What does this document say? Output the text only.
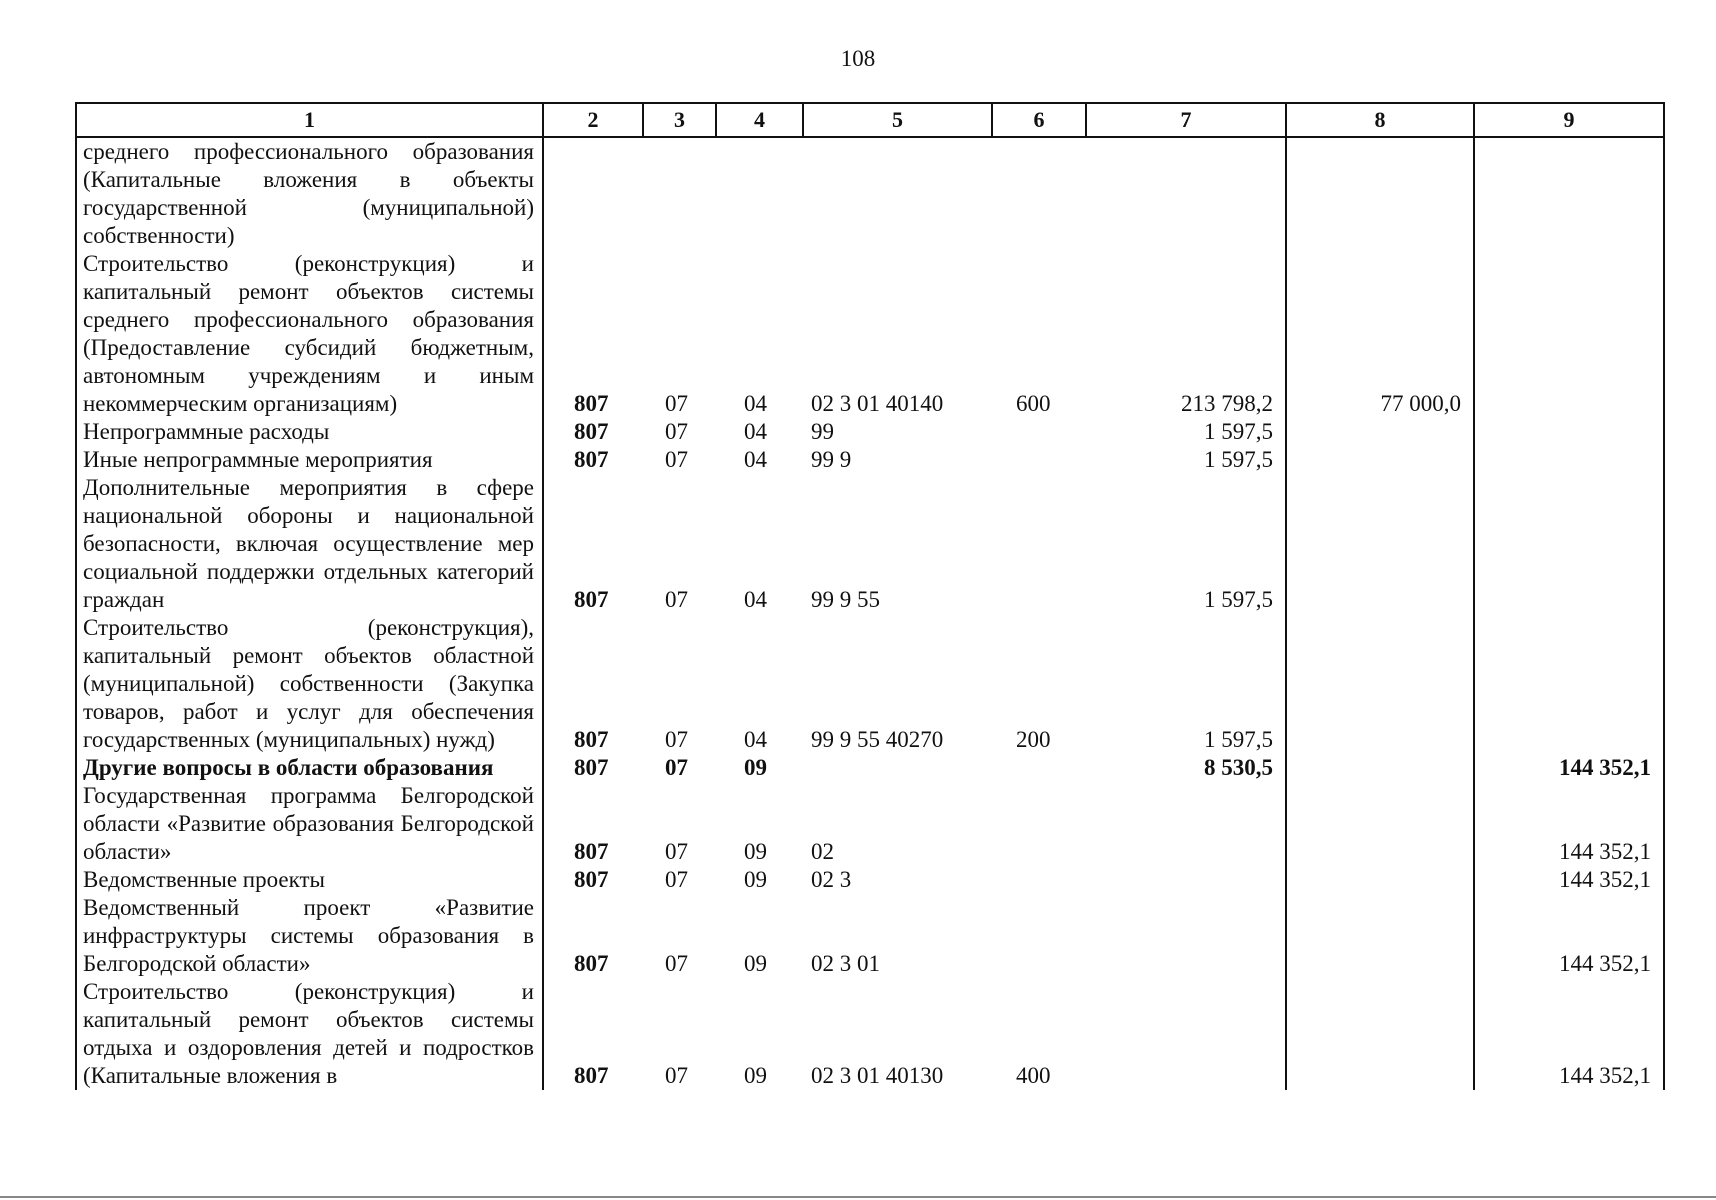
108
1	2	3	4	5	6	7	8	9
среднего профессионального образования (Капитальные вложения в объекты государственной (муниципальной) собственности)								
Строительство (реконструкция) и капитальный ремонт объектов системы среднего профессионального образования (Предоставление субсидий бюджетным, автономным учреждениям и иным некоммерческим организациям)	807	07	04	02 3 01 40140	600	213 798,2	77 000,0	
Непрограммные расходы	807	07	04	99		1 597,5		
Иные непрограммные мероприятия	807	07	04	99 9		1 597,5		
Дополнительные мероприятия в сфере национальной обороны и национальной безопасности, включая осуществление мер социальной поддержки отдельных категорий граждан	807	07	04	99 9 55		1 597,5		
Строительство (реконструкция), капитальный ремонт объектов областной (муниципальной) собственности (Закупка товаров, работ и услуг для обеспечения государственных (муниципальных) нужд)	807	07	04	99 9 55 40270	200	1 597,5		
Другие вопросы в области образования	807	07	09			8 530,5		144 352,1
Государственная программа Белгородской области «Развитие образования Белгородской области»	807	07	09	02				144 352,1
Ведомственные проекты	807	07	09	02 3				144 352,1
Ведомственный проект «Развитие инфраструктуры системы образования в Белгородской области»	807	07	09	02 3 01				144 352,1
Строительство (реконструкция) и капитальный ремонт объектов системы отдыха и оздоровления детей и подростков (Капитальные вложения в	807	07	09	02 3 01 40130	400			144 352,1
